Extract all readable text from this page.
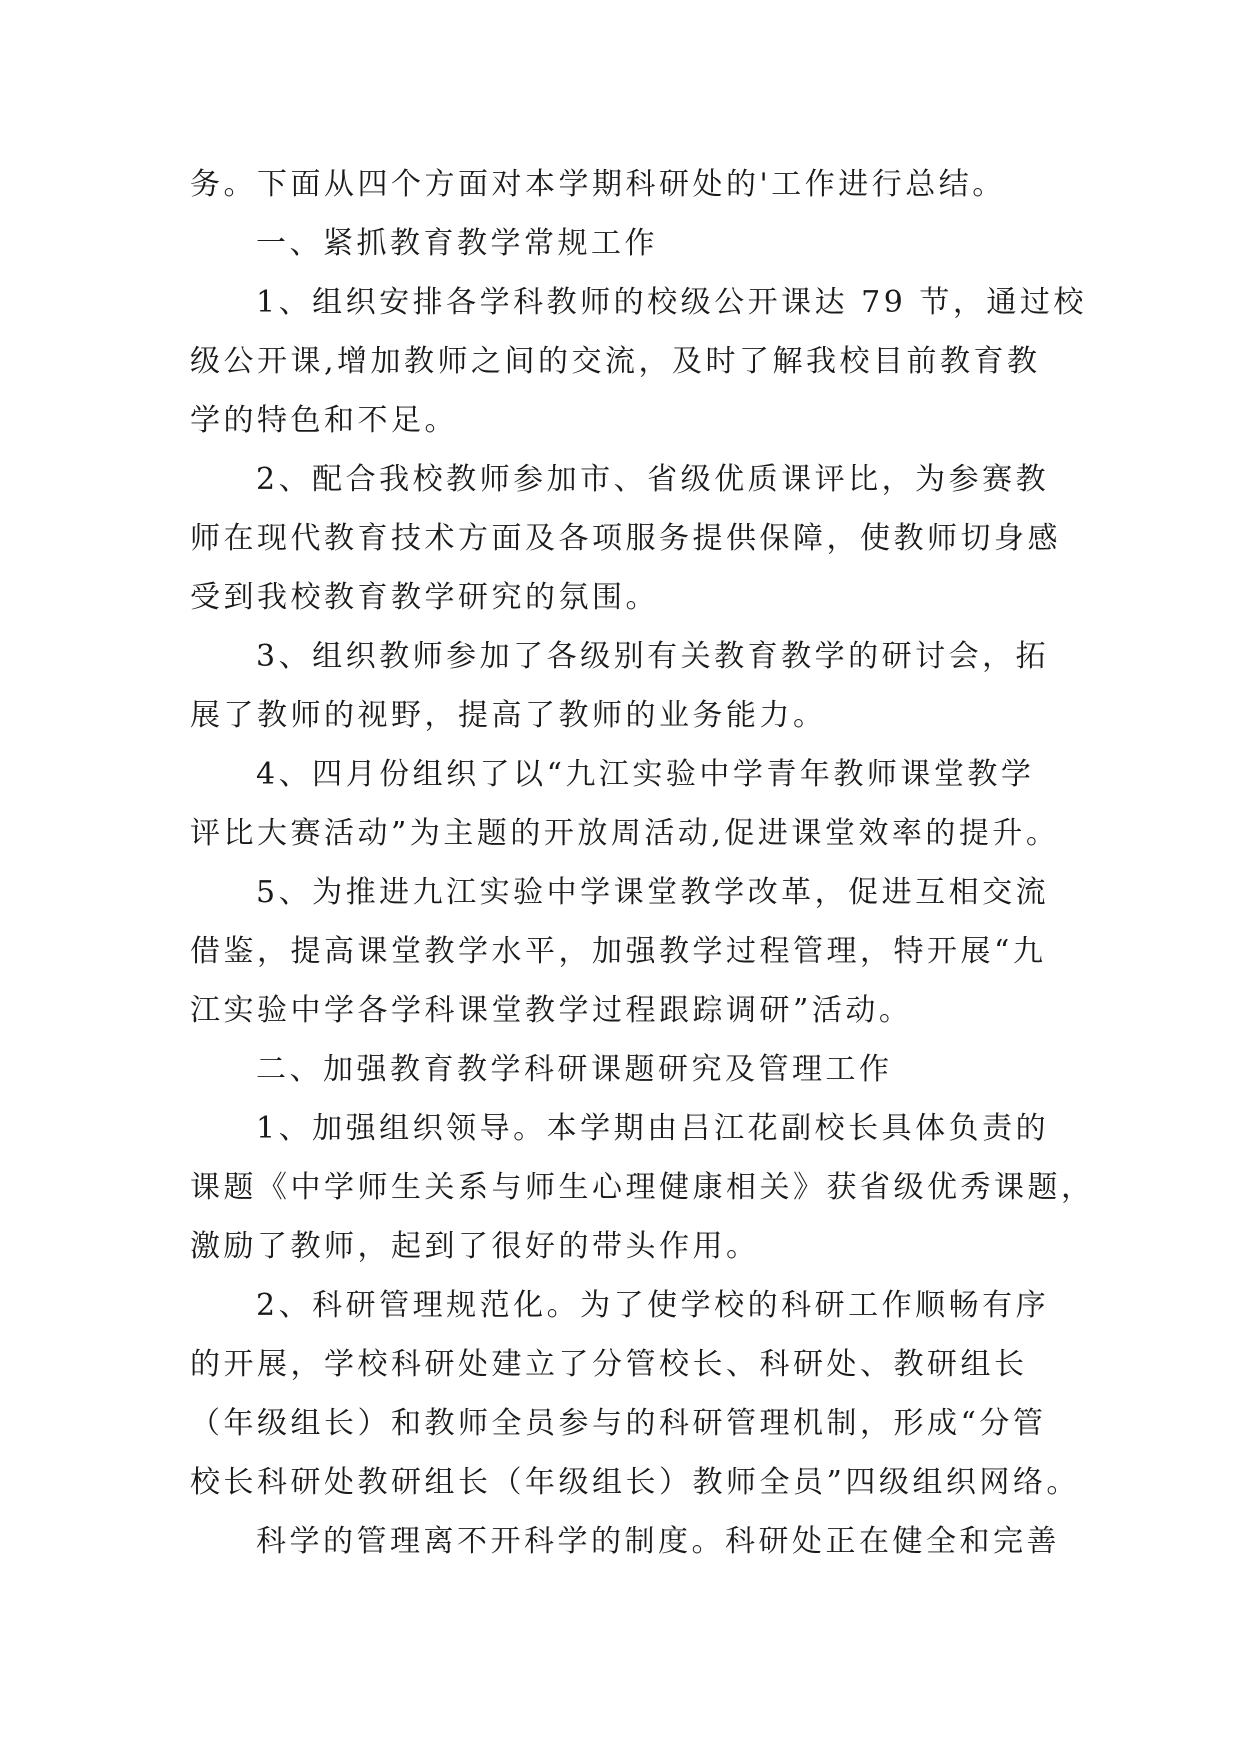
务。下面从四个方面对本学期科研处的'工作进行总结。

一、紧抓教育教学常规工作

1、组织安排各学科教师的校级公开课达 79 节，通过校

级公开课,增加教师之间的交流，及时了解我校目前教育教

学的特色和不足。

2、配合我校教师参加市、省级优质课评比，为参赛教

师在现代教育技术方面及各项服务提供保障，使教师切身感

受到我校教育教学研究的氛围。

3、组织教师参加了各级别有关教育教学的研讨会，拓

展了教师的视野，提高了教师的业务能力。

4、四月份组织了以“九江实验中学青年教师课堂教学

评比大赛活动”为主题的开放周活动,促进课堂效率的提升。

5、为推进九江实验中学课堂教学改革，促进互相交流

借鉴，提高课堂教学水平，加强教学过程管理，特开展“九

江实验中学各学科课堂教学过程跟踪调研”活动。

二、加强教育教学科研课题研究及管理工作

1、加强组织领导。本学期由吕江花副校长具体负责的

课题《中学师生关系与师生心理健康相关》获省级优秀课题，

激励了教师，起到了很好的带头作用。

2、科研管理规范化。为了使学校的科研工作顺畅有序

的开展，学校科研处建立了分管校长、科研处、教研组长

（年级组长）和教师全员参与的科研管理机制，形成“分管

校长科研处教研组长（年级组长）教师全员”四级组织网络。

科学的管理离不开科学的制度。科研处正在健全和完善
